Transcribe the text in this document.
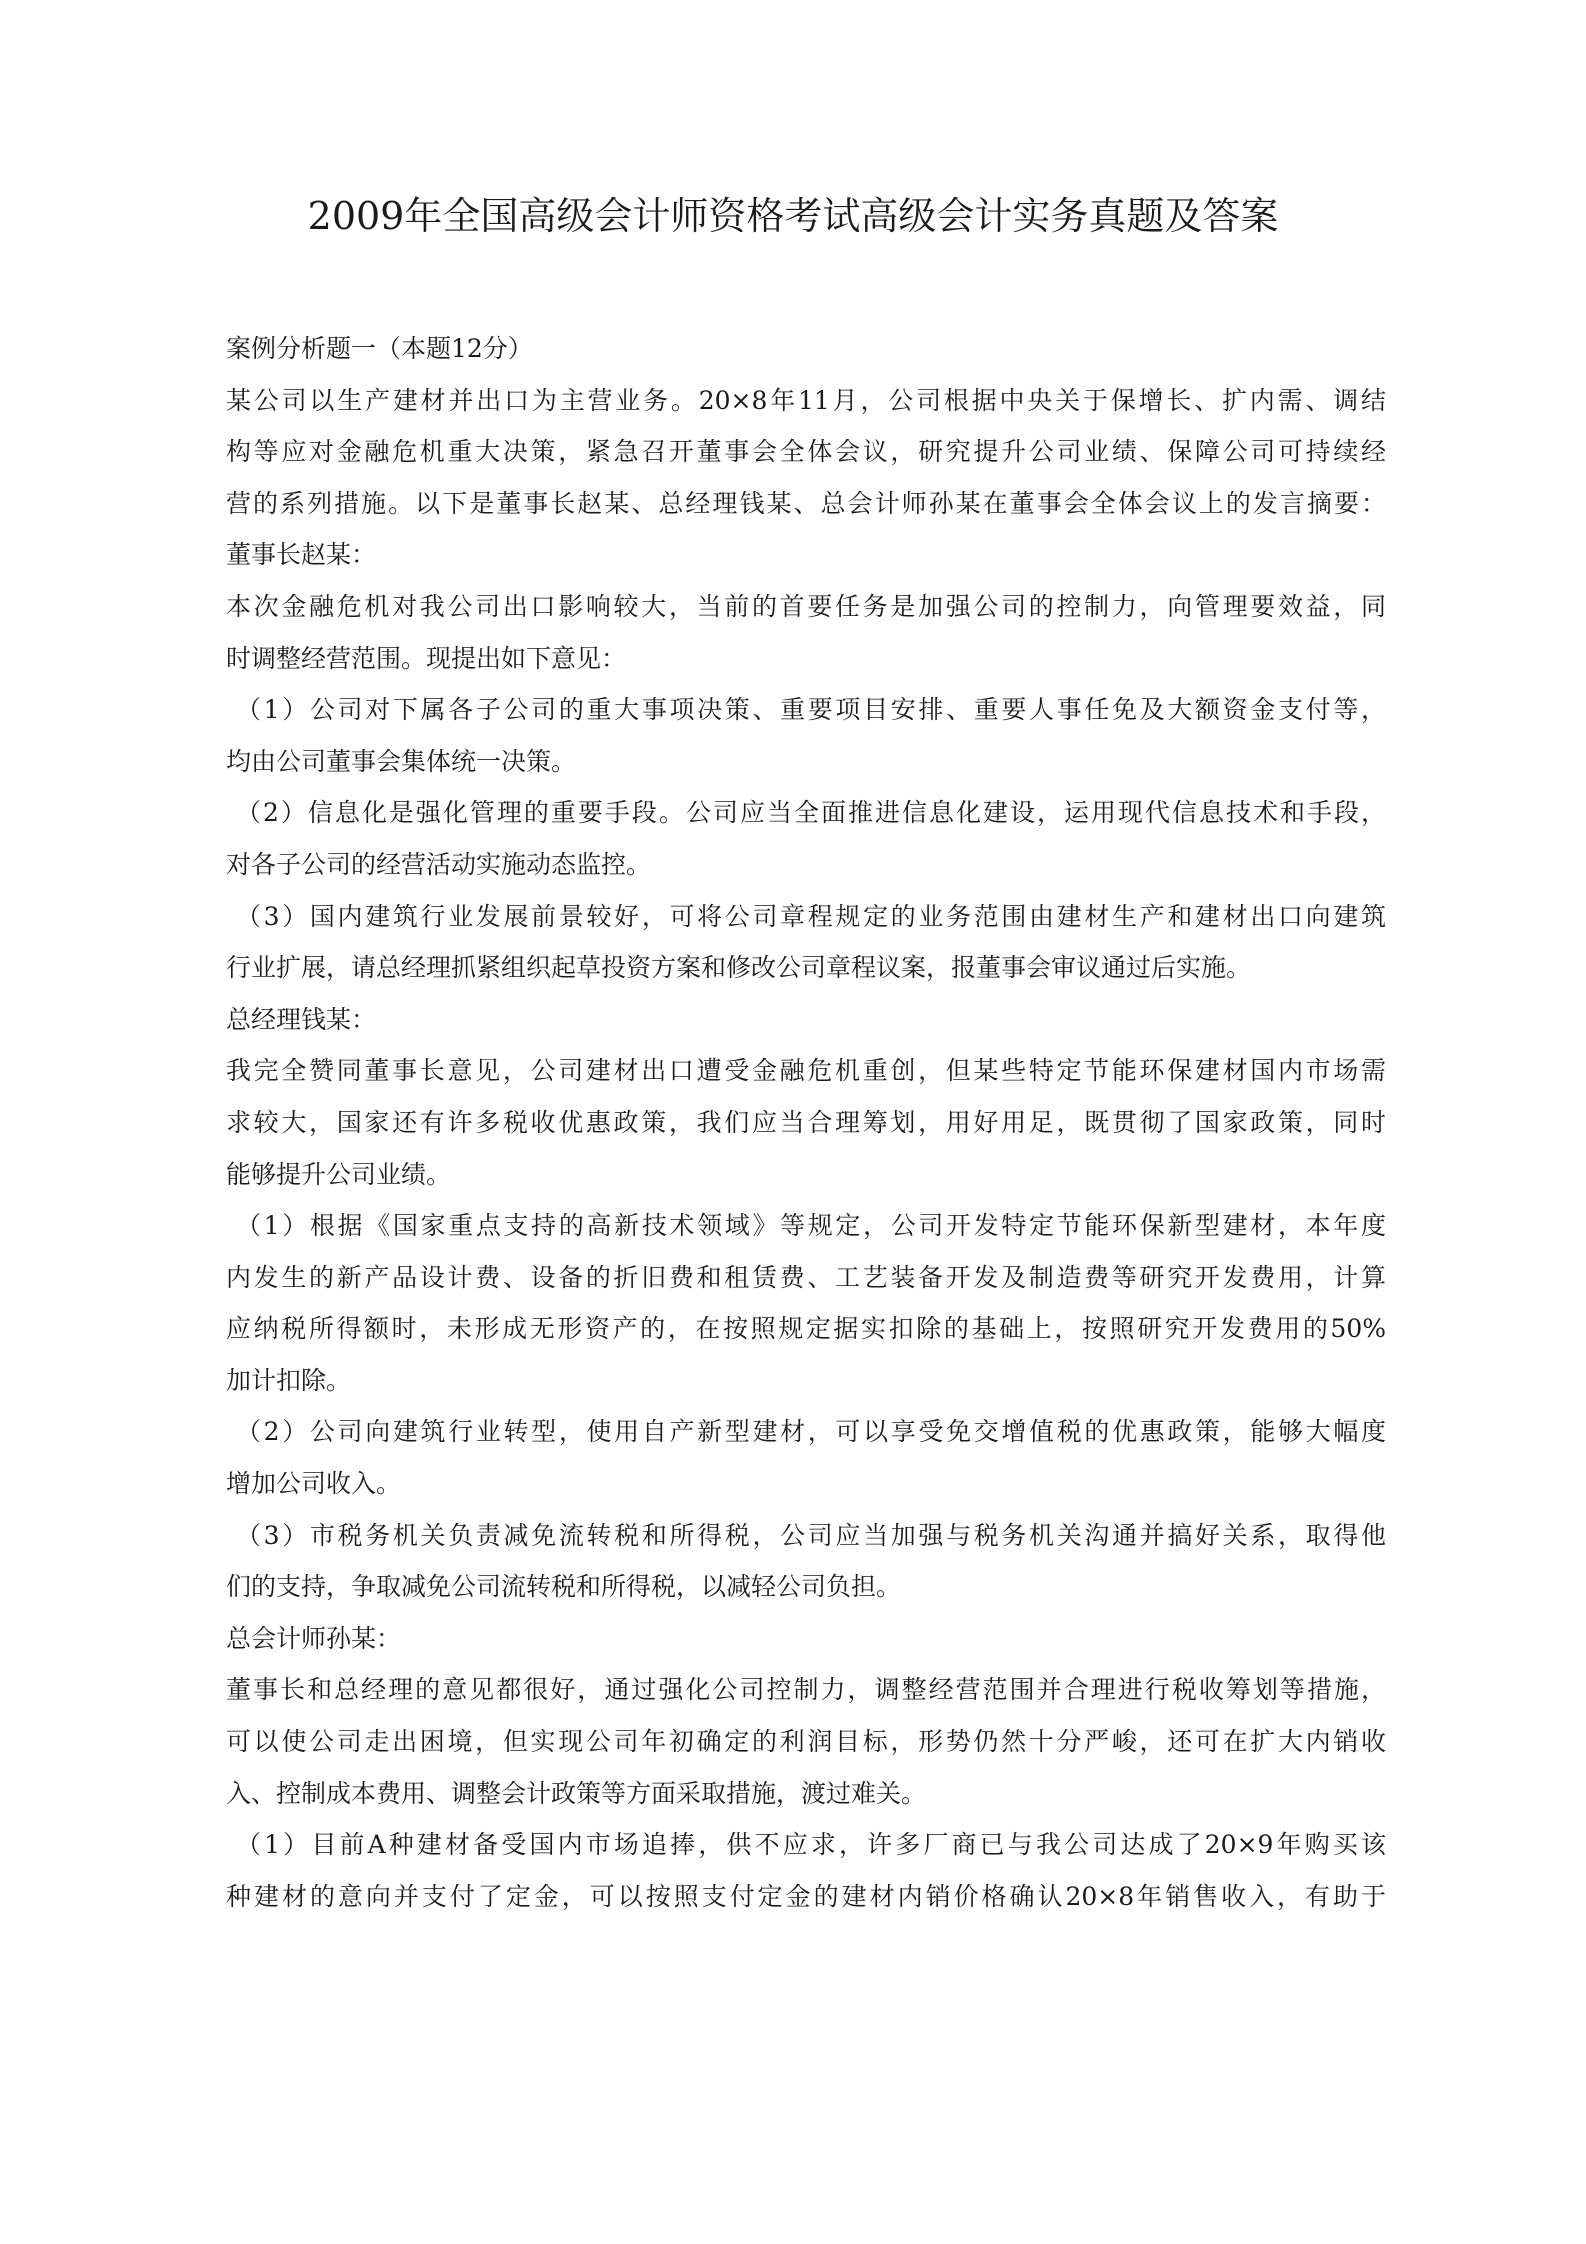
2009年全国高级会计师资格考试高级会计实务真题及答案
案例分析题一（本题12分）
某公司以生产建材并出口为主营业务。20×8年11月，公司根据中央关于保增长、扩内需、调结
构等应对金融危机重大决策，紧急召开董事会全体会议，研究提升公司业绩、保障公司可持续经
营的系列措施。以下是董事长赵某、总经理钱某、总会计师孙某在董事会全体会议上的发言摘要：
董事长赵某：
本次金融危机对我公司出口影响较大，当前的首要任务是加强公司的控制力，向管理要效益，同
时调整经营范围。现提出如下意见：
（1）公司对下属各子公司的重大事项决策、重要项目安排、重要人事任免及大额资金支付等，
均由公司董事会集体统一决策。
（2）信息化是强化管理的重要手段。公司应当全面推进信息化建设，运用现代信息技术和手段，
对各子公司的经营活动实施动态监控。
（3）国内建筑行业发展前景较好，可将公司章程规定的业务范围由建材生产和建材出口向建筑
行业扩展，请总经理抓紧组织起草投资方案和修改公司章程议案，报董事会审议通过后实施。
总经理钱某：
我完全赞同董事长意见，公司建材出口遭受金融危机重创，但某些特定节能环保建材国内市场需
求较大，国家还有许多税收优惠政策，我们应当合理筹划，用好用足，既贯彻了国家政策，同时
能够提升公司业绩。
（1）根据《国家重点支持的高新技术领域》等规定，公司开发特定节能环保新型建材，本年度
内发生的新产品设计费、设备的折旧费和租赁费、工艺装备开发及制造费等研究开发费用，计算
应纳税所得额时，未形成无形资产的，在按照规定据实扣除的基础上，按照研究开发费用的50%
加计扣除。
（2）公司向建筑行业转型，使用自产新型建材，可以享受免交增值税的优惠政策，能够大幅度
增加公司收入。
（3）市税务机关负责减免流转税和所得税，公司应当加强与税务机关沟通并搞好关系，取得他
们的支持，争取减免公司流转税和所得税，以减轻公司负担。
总会计师孙某：
董事长和总经理的意见都很好，通过强化公司控制力，调整经营范围并合理进行税收筹划等措施，
可以使公司走出困境，但实现公司年初确定的利润目标，形势仍然十分严峻，还可在扩大内销收
入、控制成本费用、调整会计政策等方面采取措施，渡过难关。
（1）目前A种建材备受国内市场追捧，供不应求，许多厂商已与我公司达成了20×9年购买该
种建材的意向并支付了定金，可以按照支付定金的建材内销价格确认20×8年销售收入，有助于
